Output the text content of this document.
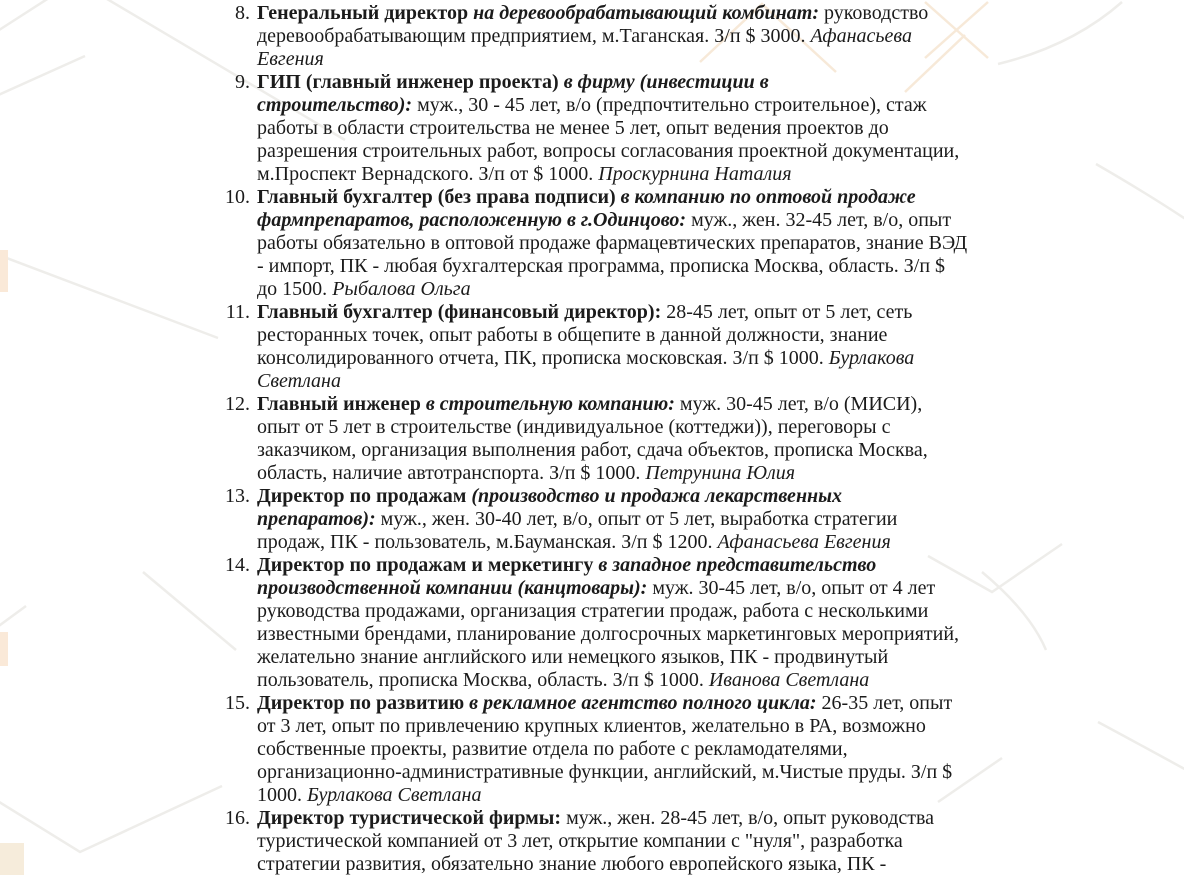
8. Генеральный директор на деревообрабатывающий комбинат: руководство деревообрабатывающим предприятием, м.Таганская. З/п $ 3000. Афанасьева Евгения
9. ГИП (главный инженер проекта) в фирму (инвестиции в строительство): муж., 30 - 45 лет, в/о (предпочтительно строительное), стаж работы в области строительства не менее 5 лет, опыт ведения проектов до разрешения строительных работ, вопросы согласования проектной документации, м.Проспект Вернадского. З/п от $ 1000. Проскурнина Наталия
10. Главный бухгалтер (без права подписи) в компанию по оптовой продаже фармпрепаратов, расположенную в г.Одинцово: муж., жен. 32-45 лет, в/о, опыт работы обязательно в оптовой продаже фармацевтических препаратов, знание ВЭД - импорт, ПК - любая бухгалтерская программа, прописка Москва, область. З/п $ до 1500. Рыбалова Ольга
11. Главный бухгалтер (финансовый директор): 28-45 лет, опыт от 5 лет, сеть ресторанных точек, опыт работы в общепите в данной должности, знание консолидированного отчета, ПК, прописка московская. З/п $ 1000. Бурлакова Светлана
12. Главный инженер в строительную компанию: муж. 30-45 лет, в/о (МИСИ), опыт от 5 лет в строительстве (индивидуальное (коттеджи)), переговоры с заказчиком, организация выполнения работ, сдача объектов, прописка Москва, область, наличие автотранспорта. З/п $ 1000. Петрунина Юлия
13. Директор по продажам (производство и продажа лекарственных препаратов): муж., жен. 30-40 лет, в/о, опыт от 5 лет, выработка стратегии продаж, ПК - пользователь, м.Бауманская. З/п $ 1200. Афанасьева Евгения
14. Директор по продажам и меркетингу в западное представительство производственной компании (канцтовары): муж. 30-45 лет, в/о, опыт от 4 лет руководства продажами, организация стратегии продаж, работа с несколькими известными брендами, планирование долгосрочных маркетинговых мероприятий, желательно знание английского или немецкого языков, ПК - продвинутый пользователь, прописка Москва, область. З/п $ 1000. Иванова Светлана
15. Директор по развитию в рекламное агентство полного цикла: 26-35 лет, опыт от 3 лет, опыт по привлечению крупных клиентов, желательно в РА, возможно собственные проекты, развитие отдела по работе с рекламодателями, организационно-административные функции, английский, м.Чистые пруды. З/п $ 1000. Бурлакова Светлана
16. Директор туристической фирмы: муж., жен. 28-45 лет, в/о, опыт руководства туристической компанией от 3 лет, открытие компании с "нуля", разработка стратегии развития, обязательно знание любого европейского языка, ПК -
